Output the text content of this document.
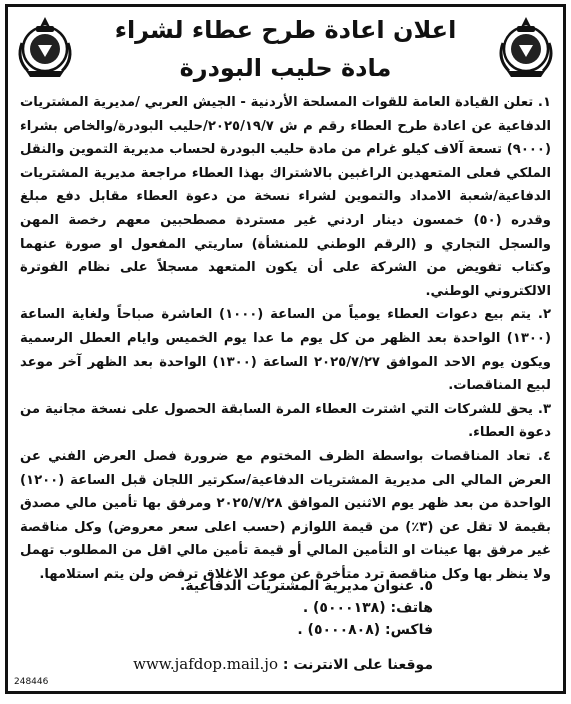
اعلان اعادة طرح عطاء لشراء
مادة حليب البودرة

١. تعلن القيادة العامة للقوات المسلحة الأردنية - الجيش العربي /مديرية المشتريات الدفاعية عن اعادة طرح العطاء رقم م ش ٢٠٢٥/١٩/٧/حليب البودرة/والخاص بشراء (٩٠٠٠) تسعة آلاف كيلو غرام من مادة حليب البودرة لحساب مديرية التموين والنقل الملكي فعلى المتعهدين الراغبين بالاشتراك بهذا العطاء مراجعة مديرية المشتريات الدفاعية/شعبة الامداد والتموين لشراء نسخة من دعوة العطاء مقابل دفع مبلغ وقدره (٥٠) خمسون دينار اردني غير مستردة مصطحبين معهم رخصة المهن والسجل التجاري و (الرقم الوطني للمنشأة) ساريتي المفعول او صورة عنهما وكتاب تفويض من الشركة على أن يكون المتعهد مسجلاً على نظام الفوترة الالكتروني الوطني.

٢. يتم بيع دعوات العطاء يومياً من الساعة (١٠٠٠) العاشرة صباحاً ولغاية الساعة (١٣٠٠) الواحدة بعد الظهر من كل يوم ما عدا يوم الخميس وايام العطل الرسمية ويكون يوم الاحد الموافق ٢٠٢٥/٧/٢٧ الساعة (١٣٠٠) الواحدة بعد الظهر آخر موعد لبيع المناقصات.

٣. يحق للشركات التي اشترت العطاء المرة السابقة الحصول على نسخة مجانية من دعوة العطاء.

٤. تعاد المناقصات بواسطة الظرف المختوم مع ضرورة فصل العرض الفني عن العرض المالي الى مديرية المشتريات الدفاعية/سكرتير اللجان قبل الساعة (١٢٠٠) الواحدة من بعد ظهر يوم الاثنين الموافق ٢٠٢٥/٧/٢٨ ومرفق بها تأمين مالي مصدق بقيمة لا تقل عن (٣٪) من قيمة اللوازم (حسب اعلى سعر معروض) وكل مناقصة غير مرفق بها عينات او التأمين المالي أو قيمة تأمين مالي اقل من المطلوب تهمل ولا ينظر بها وكل مناقصة ترد متأخرة عن موعد الاغلاق ترفض ولن يتم استلامها.

٥. عنوان مديرية المشتريات الدفاعية.
هاتف: (٥٠٠٠١٣٨) .
فاكس: (٥٠٠٠٨٠٨) .
موقعنا على الانترنت : www.jafdop.mail.jo
248446
